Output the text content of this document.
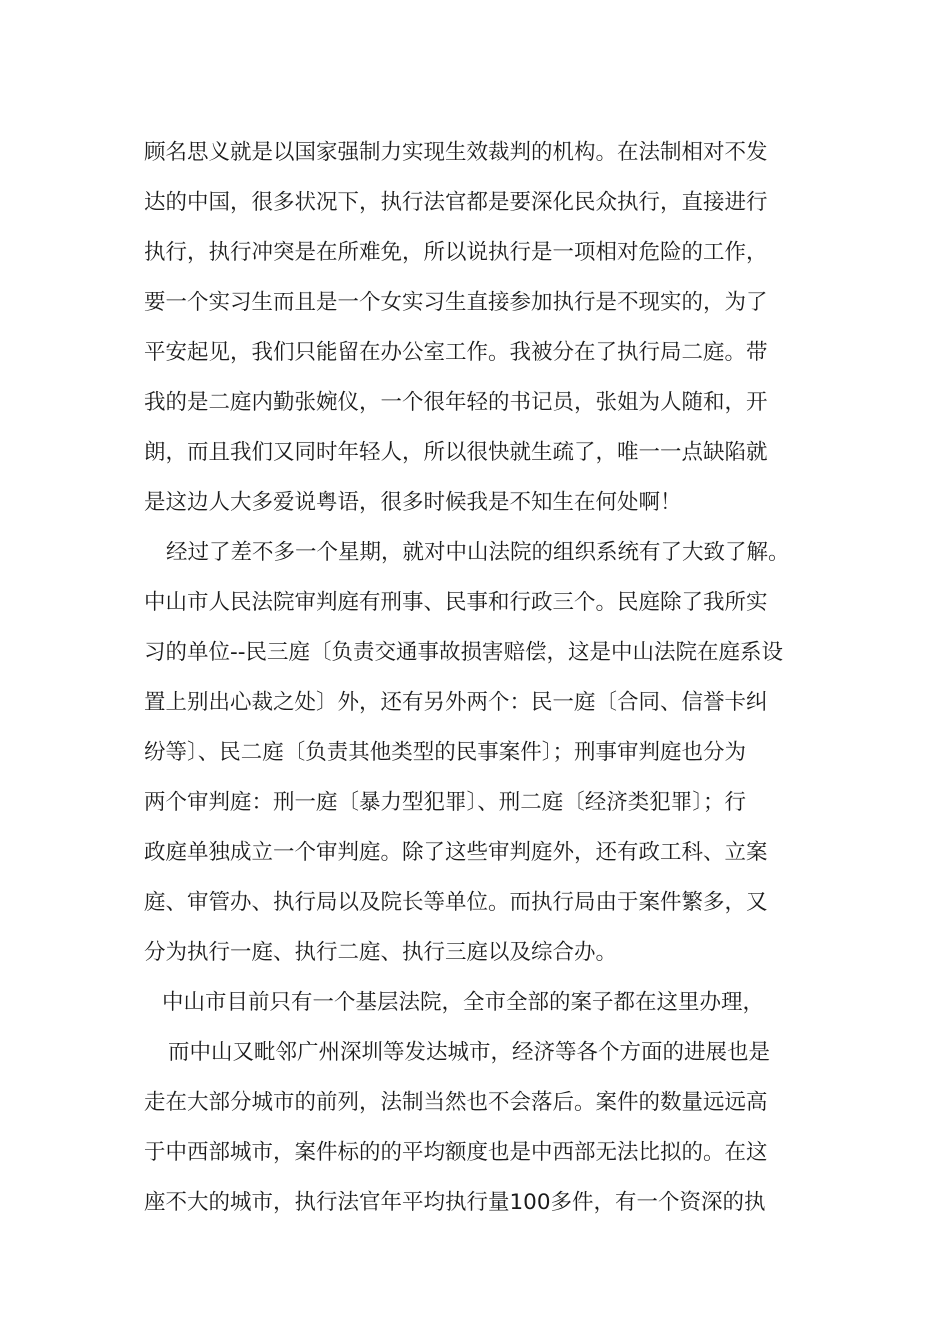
顾名思义就是以国家强制力实现生效裁判的机构。在法制相对不发
达的中国，很多状况下，执行法官都是要深化民众执行，直接进行
执行，执行冲突是在所难免，所以说执行是一项相对危险的工作，
要一个实习生而且是一个女实习生直接参加执行是不现实的，为了
平安起见，我们只能留在办公室工作。我被分在了执行局二庭。带
我的是二庭内勤张婉仪，一个很年轻的书记员，张姐为人随和，开
朗，而且我们又同时年轻人，所以很快就生疏了，唯一一点缺陷就
是这边人大多爱说粤语，很多时候我是不知生在何处啊！
经过了差不多一个星期，就对中山法院的组织系统有了大致了解。
中山市人民法院审判庭有刑事、民事和行政三个。民庭除了我所实
习的单位--民三庭〔负责交通事故损害赔偿，这是中山法院在庭系设
置上别出心裁之处〕外，还有另外两个：民一庭〔合同、信誉卡纠
纷等〕、民二庭〔负责其他类型的民事案件〕；刑事审判庭也分为
两个审判庭：刑一庭〔暴力型犯罪〕、刑二庭〔经济类犯罪〕；行
政庭单独成立一个审判庭。除了这些审判庭外，还有政工科、立案
庭、审管办、执行局以及院长等单位。而执行局由于案件繁多，又
分为执行一庭、执行二庭、执行三庭以及综合办。
中山市目前只有一个基层法院，全市全部的案子都在这里办理，
而中山又毗邻广州深圳等发达城市，经济等各个方面的进展也是
走在大部分城市的前列，法制当然也不会落后。案件的数量远远高
于中西部城市，案件标的的平均额度也是中西部无法比拟的。在这
座不大的城市，执行法官年平均执行量100多件，有一个资深的执
